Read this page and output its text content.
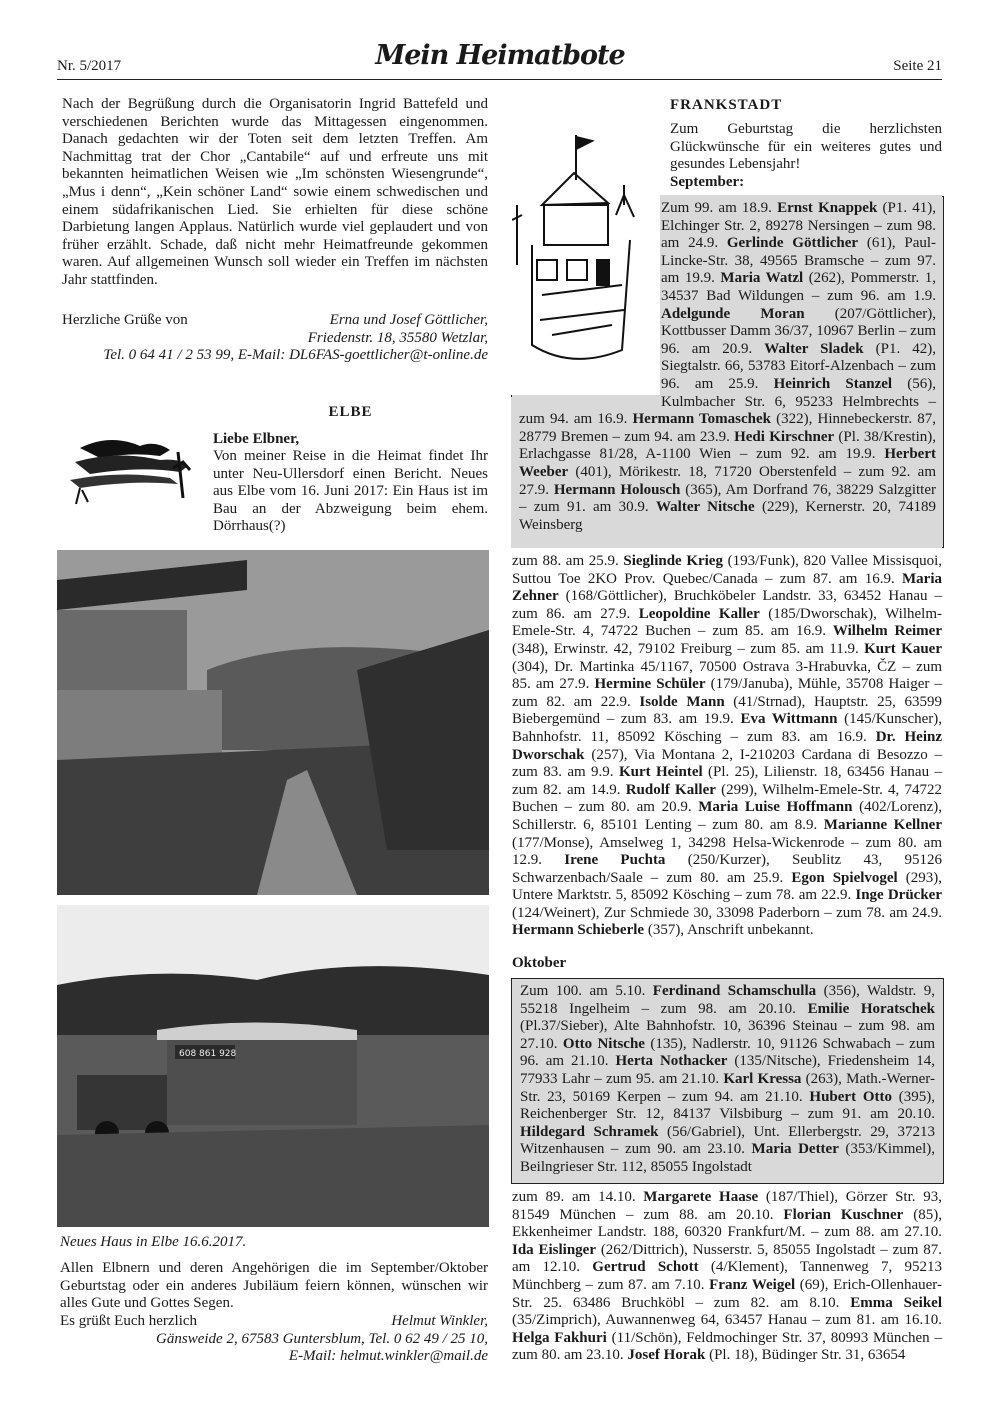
Nr. 5/2017	Mein Heimatbote	Seite 21

Nach der Begrüßung durch die Organisatorin Ingrid Battefeld und verschiedenen Berichten wurde das Mittagessen eingenommen. Danach gedachten wir der Toten seit dem letzten Treffen. Am Nachmittag trat der Chor „Cantabile“ auf und erfreute uns mit bekannten heimatlichen Weisen wie „Im schönsten Wiesengrunde“, „Mus i denn“, „Kein schöner Land“ sowie einem schwedischen und einem südafrikanischen Lied. Sie erhielten für diese schöne Darbietung langen Applaus. Natürlich wurde viel geplaudert und von früher erzählt. Schade, daß nicht mehr Heimatfreunde gekommen waren. Auf allgemeinen Wunsch soll wieder ein Treffen im nächsten Jahr stattfinden.

Herzliche Grüße von	Erna und Josef Göttlicher,
Friedenstr. 18, 35580 Wetzlar,
Tel. 0 64 41 / 2 53 99, E-Mail: DL6FAS-goettlicher@t-online.de
ELBE
Liebe Elbner,

Von meiner Reise in die Heimat findet Ihr unter Neu-Ullersdorf einen Bericht. Neues aus Elbe vom 16. Juni 2017: Ein Haus ist im Bau an der Abzweigung beim ehem. Dörrhaus(?)

608 861 928
Neues Haus in Elbe 16.6.2017.

Allen Elbnern und deren Angehörigen die im September/Oktober Geburtstag oder ein anderes Jubiläum feiern können, wünschen wir alles Gute und Gottes Segen.

Es grüßt Euch herzlich	Helmut Winkler,
Gänsweide 2, 67583 Guntersblum, Tel. 0 62 49 / 25 10,
E-Mail: helmut.winkler@mail.de
FRANKSTADT

Zum Geburtstag die herzlichsten Glückwünsche für ein weiteres gutes und gesundes Lebensjahr!

September:
Zum 99. am 18.9. Ernst Knappek (P1. 41), Elchinger Str. 2, 89278 Nersingen – zum 98. am 24.9. Gerlinde Göttlicher (61), Paul-Lincke-Str. 38, 49565 Bramsche – zum 97. am 19.9. Maria Watzl (262), Pommerstr. 1, 34537 Bad Wildungen – zum 96. am 1.9. Adelgunde Moran (207/Göttlicher), Kottbusser Damm 36/37, 10967 Berlin – zum 96. am 20.9. Walter Sladek (P1. 42), Siegtalstr. 66, 53783 Eitorf-Alzenbach – zum 96. am 25.9. Heinrich Stanzel (56), Kulmbacher Str. 6, 95233 Helmbrechts – zum 94. am 16.9. Hermann Tomaschek (322), Hinnebeckerstr. 87, 28779 Bremen – zum 94. am 23.9. Hedi Kirschner (Pl. 38/Krestin), Erlachgasse 81/28, A-1100 Wien – zum 92. am 19.9. Herbert Weeber (401), Mörikestr. 18, 71720 Oberstenfeld – zum 92. am 27.9. Hermann Holousch (365), Am Dorfrand 76, 38229 Salzgitter – zum 91. am 30.9. Walter Nitsche (229), Kernerstr. 20, 74189 Weinsberg
zum 88. am 25.9. Sieglinde Krieg (193/Funk), 820 Vallee Missisquoi, Suttou Toe 2KO Prov. Quebec/Canada – zum 87. am 16.9. Maria Zehner (168/Göttlicher), Bruchköbeler Landstr. 33, 63452 Hanau – zum 86. am 27.9. Leopoldine Kaller (185/Dworschak), Wilhelm-Emele-Str. 4, 74722 Buchen – zum 85. am 16.9. Wilhelm Reimer (348), Erwinstr. 42, 79102 Freiburg – zum 85. am 11.9. Kurt Kauer (304), Dr. Martinka 45/1167, 70500 Ostrava 3-Hrabuvka, ČZ – zum 85. am 27.9. Hermine Schüler (179/Januba), Mühle, 35708 Haiger – zum 82. am 22.9. Isolde Mann (41/Strnad), Hauptstr. 25, 63599 Biebergemünd – zum 83. am 19.9. Eva Wittmann (145/Kunscher), Bahnhofstr. 11, 85092 Kösching – zum 83. am 16.9. Dr. Heinz Dworschak (257), Via Montana 2, I-210203 Cardana di Besozzo – zum 83. am 9.9. Kurt Heintel (Pl. 25), Lilienstr. 18, 63456 Hanau – zum 82. am 14.9. Rudolf Kaller (299), Wilhelm-Emele-Str. 4, 74722 Buchen – zum 80. am 20.9. Maria Luise Hoffmann (402/Lorenz), Schillerstr. 6, 85101 Lenting – zum 80. am 8.9. Marianne Kellner (177/Monse), Amselweg 1, 34298 Helsa-Wickenrode – zum 80. am 12.9. Irene Puchta (250/Kurzer), Seublitz 43, 95126 Schwarzenbach/Saale – zum 80. am 25.9. Egon Spielvogel (293), Untere Marktstr. 5, 85092 Kösching – zum 78. am 22.9. Inge Drücker (124/Weinert), Zur Schmiede 30, 33098 Paderborn – zum 78. am 24.9. Hermann Schieberle (357), Anschrift unbekannt.
Oktober
Zum 100. am 5.10. Ferdinand Schamschulla (356), Waldstr. 9, 55218 Ingelheim – zum 98. am 20.10. Emilie Horatschek (Pl.37/Sieber), Alte Bahnhofstr. 10, 36396 Steinau – zum 98. am 27.10. Otto Nitsche (135), Nadlerstr. 10, 91126 Schwabach – zum 96. am 21.10. Herta Nothacker (135/Nitsche), Friedensheim 14, 77933 Lahr – zum 95. am 21.10. Karl Kressa (263), Math.-Werner-Str. 23, 50169 Kerpen – zum 94. am 21.10. Hubert Otto (395), Reichenberger Str. 12, 84137 Vilsbiburg – zum 91. am 20.10. Hildegard Schramek (56/Gabriel), Unt. Ellerbergstr. 29, 37213 Witzenhausen – zum 90. am 23.10. Maria Detter (353/Kimmel), Beilngrieser Str. 112, 85055 Ingolstadt
zum 89. am 14.10. Margarete Haase (187/Thiel), Görzer Str. 93, 81549 München – zum 88. am 20.10. Florian Kuschner (85), Ekkenheimer Landstr. 188, 60320 Frankfurt/M. – zum 88. am 27.10. Ida Eislinger (262/Dittrich), Nusserstr. 5, 85055 Ingolstadt – zum 87. am 12.10. Gertrud Schott (4/Klement), Tannenweg 7, 95213 Münchberg – zum 87. am 7.10. Franz Weigel (69), Erich-Ollenhauer-Str. 25. 63486 Bruchköbl – zum 82. am 8.10. Emma Seikel (35/Zimprich), Auwannenweg 64, 63457 Hanau – zum 81. am 16.10. Helga Fakhuri (11/Schön), Feldmochinger Str. 37, 80993 München – zum 80. am 23.10. Josef Horak (Pl. 18), Büdinger Str. 31, 63654
